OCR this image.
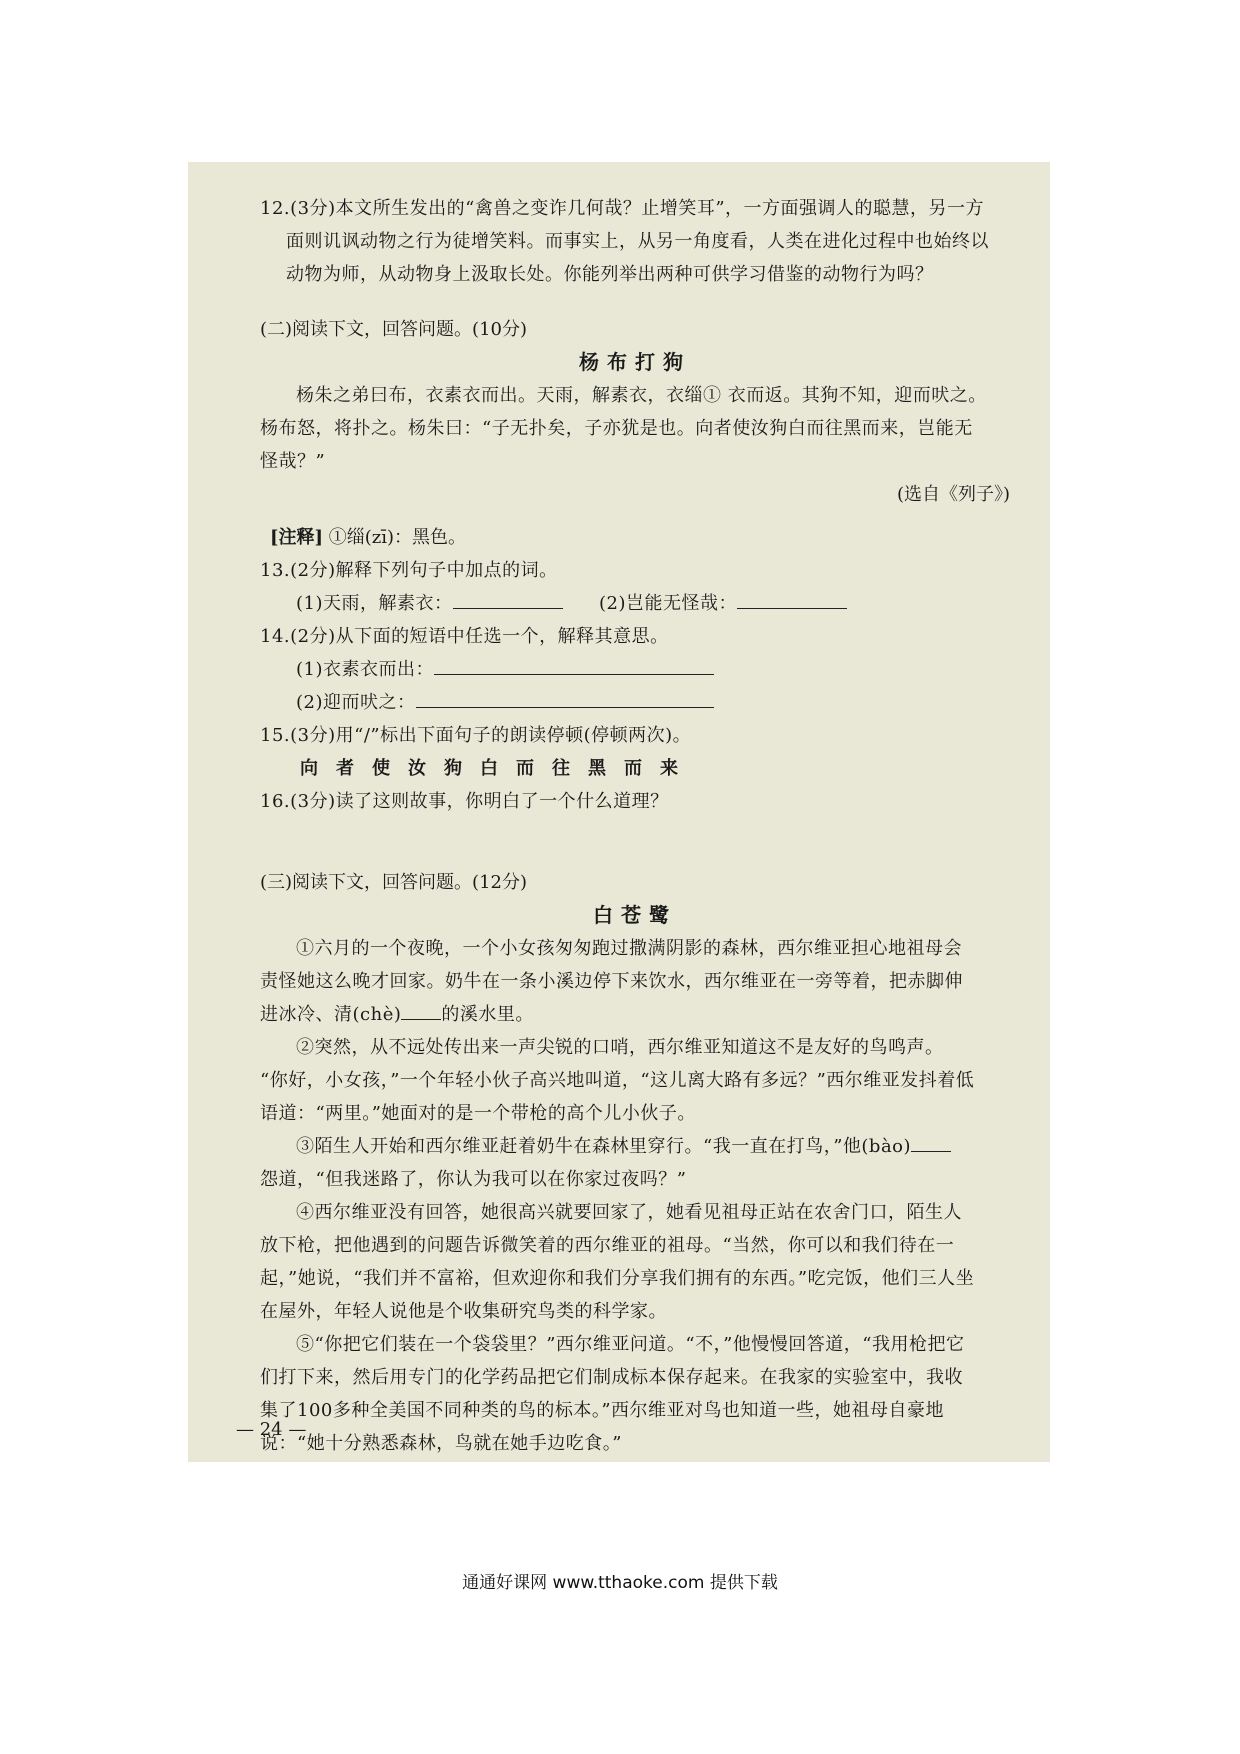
12.(3分)本文所生发出的“禽兽之变诈几何哉？止增笑耳”，一方面强调人的聪慧，另一方
面则讥讽动物之行为徒增笑料。而事实上，从另一角度看，人类在进化过程中也始终以
动物为师，从动物身上汲取长处。你能列举出两种可供学习借鉴的动物行为吗？
(二)阅读下文，回答问题。(10分)
杨布打狗
杨朱之弟曰布，衣素衣而出。天雨，解素衣，衣缁① 衣而返。其狗不知，迎而吠之。
杨布怒，将扑之。杨朱曰：“子无扑矣，子亦犹是也。向者使汝狗白而往黑而来，岂能无
怪哉？”
(选自《列子》)
[注释] ①缁(zī)：黑色。
13.(2分)解释下列句子中加点的词。
(1)天雨，解素衣：	(2)岂能无怪哉：
14.(2分)从下面的短语中任选一个，解释其意思。
(1)衣素衣而出：
(2)迎而吠之：
15.(3分)用“/”标出下面句子的朗读停顿(停顿两次)。
向者使汝狗白而往黑而来
16.(3分)读了这则故事，你明白了一个什么道理？
(三)阅读下文，回答问题。(12分)
白苍鹭
①六月的一个夜晚，一个小女孩匆匆跑过撒满阴影的森林，西尔维亚担心地祖母会
责怪她这么晚才回家。奶牛在一条小溪边停下来饮水，西尔维亚在一旁等着，把赤脚伸
进冰冷、清(chè) 的溪水里。
②突然，从不远处传出来一声尖锐的口哨，西尔维亚知道这不是友好的鸟鸣声。
“你好，小女孩，”一个年轻小伙子高兴地叫道，“这儿离大路有多远？”西尔维亚发抖着低
语道：“两里。”她面对的是一个带枪的高个儿小伙子。
③陌生人开始和西尔维亚赶着奶牛在森林里穿行。“我一直在打鸟，”他(bào)
怨道，“但我迷路了，你认为我可以在你家过夜吗？”
④西尔维亚没有回答，她很高兴就要回家了，她看见祖母正站在农舍门口，陌生人
放下枪，把他遇到的问题告诉微笑着的西尔维亚的祖母。“当然，你可以和我们待在一
起，”她说，“我们并不富裕，但欢迎你和我们分享我们拥有的东西。”吃完饭，他们三人坐
在屋外，年轻人说他是个收集研究鸟类的科学家。
⑤“你把它们装在一个袋袋里？”西尔维亚问道。“不，”他慢慢回答道，“我用枪把它
们打下来，然后用专门的化学药品把它们制成标本保存起来。在我家的实验室中，我收
集了100多种全美国不同种类的鸟的标本。”西尔维亚对鸟也知道一些，她祖母自豪地
说：“她十分熟悉森林，鸟就在她手边吃食。”
— 24 —
通通好课网 www.tthaoke.com 提供下载
